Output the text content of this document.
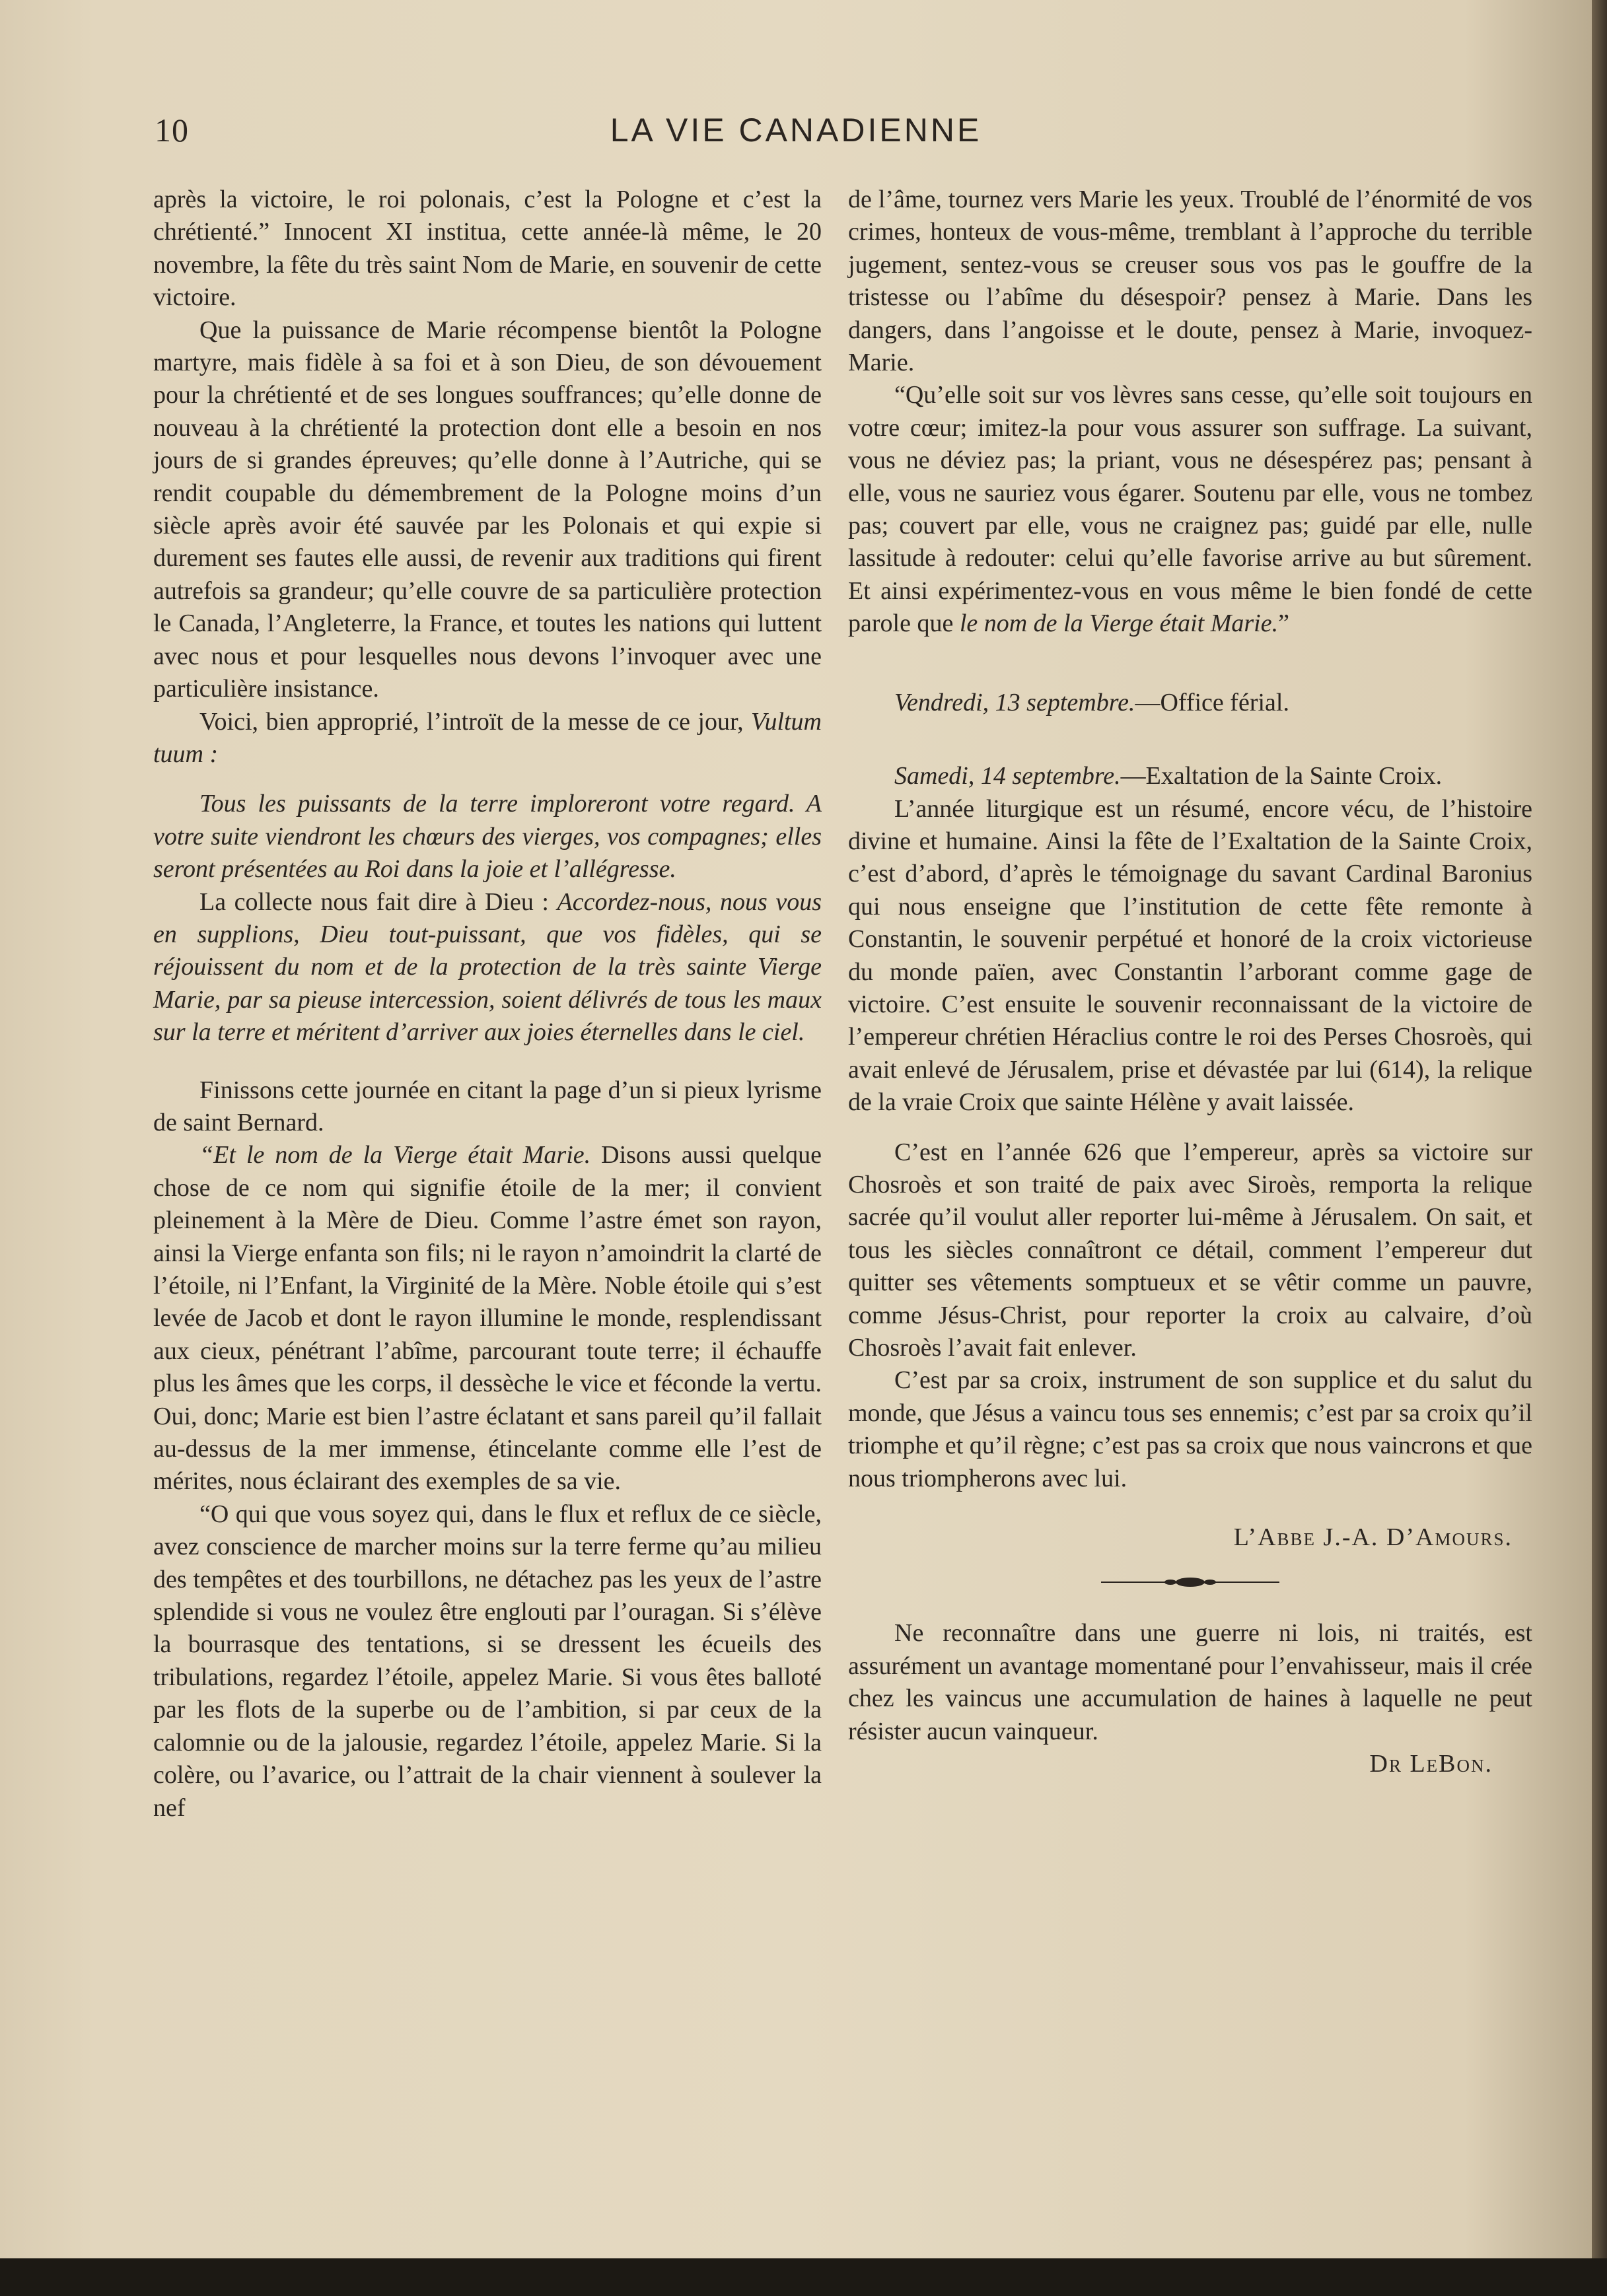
10	LA VIE CANADIENNE

après la victoire, le roi polonais, c’est la Pologne et c’est la chrétienté.” Innocent XI institua, cette année-là même, le 20 novembre, la fête du très saint Nom de Marie, en souvenir de cette victoire.

Que la puissance de Marie récompense bientôt la Pologne martyre, mais fidèle à sa foi et à son Dieu, de son dévouement pour la chrétienté et de ses longues souffrances; qu’elle donne de nouveau à la chrétienté la protection dont elle a besoin en nos jours de si grandes épreuves; qu’elle donne à l’Autriche, qui se rendit coupable du démembrement de la Pologne moins d’un siècle après avoir été sauvée par les Polonais et qui expie si durement ses fautes elle aussi, de revenir aux traditions qui firent autrefois sa grandeur; qu’elle couvre de sa particulière protection le Canada, l’Angleterre, la France, et toutes les nations qui luttent avec nous et pour lesquelles nous devons l’invoquer avec une particulière insistance.

Voici, bien approprié, l’introït de la messe de ce jour, Vultum tuum :

Tous les puissants de la terre imploreront votre regard. A votre suite viendront les chœurs des vierges, vos compagnes; elles seront présentées au Roi dans la joie et l’allégresse.

La collecte nous fait dire à Dieu : Accordez-nous, nous vous en supplions, Dieu tout-puissant, que vos fidèles, qui se réjouissent du nom et de la protection de la très sainte Vierge Marie, par sa pieuse intercession, soient délivrés de tous les maux sur la terre et méritent d’arriver aux joies éternelles dans le ciel.

Finissons cette journée en citant la page d’un si pieux lyrisme de saint Bernard.

“Et le nom de la Vierge était Marie. Disons aussi quelque chose de ce nom qui signifie étoile de la mer; il convient pleinement à la Mère de Dieu. Comme l’astre émet son rayon, ainsi la Vierge enfanta son fils; ni le rayon n’amoindrit la clarté de l’étoile, ni l’Enfant, la Virginité de la Mère. Noble étoile qui s’est levée de Jacob et dont le rayon illumine le monde, resplendissant aux cieux, pénétrant l’abîme, parcourant toute terre; il échauffe plus les âmes que les corps, il dessèche le vice et féconde la vertu. Oui, donc; Marie est bien l’astre éclatant et sans pareil qu’il fallait au-dessus de la mer immense, étincelante comme elle l’est de mérites, nous éclairant des exemples de sa vie.

“O qui que vous soyez qui, dans le flux et reflux de ce siècle, avez conscience de marcher moins sur la terre ferme qu’au milieu des tempêtes et des tourbillons, ne détachez pas les yeux de l’astre splendide si vous ne voulez être englouti par l’ouragan. Si s’élève la bourrasque des tentations, si se dressent les écueils des tribulations, regardez l’étoile, appelez Marie. Si vous êtes balloté par les flots de la superbe ou de l’ambition, si par ceux de la calomnie ou de la jalousie, regardez l’étoile, appelez Marie. Si la colère, ou l’avarice, ou l’attrait de la chair viennent à soulever la nef

de l’âme, tournez vers Marie les yeux. Troublé de l’énormité de vos crimes, honteux de vous-même, tremblant à l’approche du terrible jugement, sentez-vous se creuser sous vos pas le gouffre de la tristesse ou l’abîme du désespoir? pensez à Marie. Dans les dangers, dans l’angoisse et le doute, pensez à Marie, invoquez-Marie.

“Qu’elle soit sur vos lèvres sans cesse, qu’elle soit toujours en votre cœur; imitez-la pour vous assurer son suffrage. La suivant, vous ne déviez pas; la priant, vous ne désespérez pas; pensant à elle, vous ne sauriez vous égarer. Soutenu par elle, vous ne tombez pas; couvert par elle, vous ne craignez pas; guidé par elle, nulle lassitude à redouter: celui qu’elle favorise arrive au but sûrement. Et ainsi expérimentez-vous en vous même le bien fondé de cette parole que le nom de la Vierge était Marie.”

Vendredi, 13 septembre.—Office férial.

Samedi, 14 septembre.—Exaltation de la Sainte Croix.

L’année liturgique est un résumé, encore vécu, de l’histoire divine et humaine. Ainsi la fête de l’Exaltation de la Sainte Croix, c’est d’abord, d’après le témoignage du savant Cardinal Baronius qui nous enseigne que l’institution de cette fête remonte à Constantin, le souvenir perpétué et honoré de la croix victorieuse du monde païen, avec Constantin l’arborant comme gage de victoire. C’est ensuite le souvenir reconnaissant de la victoire de l’empereur chrétien Héraclius contre le roi des Perses Chosroès, qui avait enlevé de Jérusalem, prise et dévastée par lui (614), la relique de la vraie Croix que sainte Hélène y avait laissée.

C’est en l’année 626 que l’empereur, après sa victoire sur Chosroès et son traité de paix avec Siroès, remporta la relique sacrée qu’il voulut aller reporter lui-même à Jérusalem. On sait, et tous les siècles connaîtront ce détail, comment l’empereur dut quitter ses vêtements somptueux et se vêtir comme un pauvre, comme Jésus-Christ, pour reporter la croix au calvaire, d’où Chosroès l’avait fait enlever.

C’est par sa croix, instrument de son supplice et du salut du monde, que Jésus a vaincu tous ses ennemis; c’est par sa croix qu’il triomphe et qu’il règne; c’est pas sa croix que nous vaincrons et que nous triompherons avec lui.

L’Abbe J.-A. D’Amours.

Ne reconnaître dans une guerre ni lois, ni traités, est assurément un avantage momentané pour l’envahisseur, mais il crée chez les vaincus une accumulation de haines à laquelle ne peut résister aucun vainqueur.

Dr LeBon.
